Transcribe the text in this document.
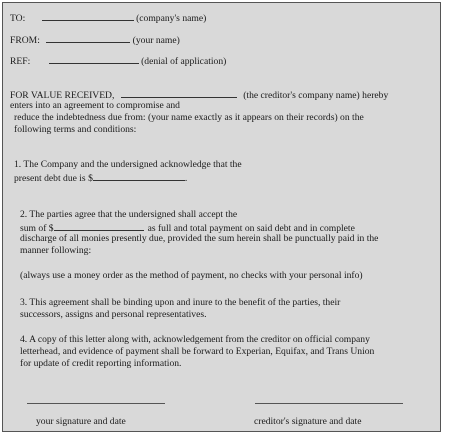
TO:	(company's name)
FROM:	(your name)
REF:	(denial of application)
FOR VALUE RECEIVED,	(the creditor's company name) hereby
enters into an agreement to compromise and
reduce the indebtedness due from: (your name exactly as it appears on their records) on the
following terms and conditions:
1. The Company and the undersigned acknowledge that the
present debt due is $	.
2. The parties agree that the undersigned shall accept the
sum of $	as full and total payment on said debt and in complete
discharge of all monies presently due, provided the sum herein shall be punctually paid in the
manner following:
(always use a money order as the method of payment, no checks with your personal info)
3. This agreement shall be binding upon and inure to the benefit of the parties, their
successors, assigns and personal representatives.
4. A copy of this letter along with, acknowledgement from the creditor on official company
letterhead, and evidence of payment shall be forward to Experian, Equifax, and Trans Union
for update of credit reporting information.
your signature and date	creditor's signature and date
